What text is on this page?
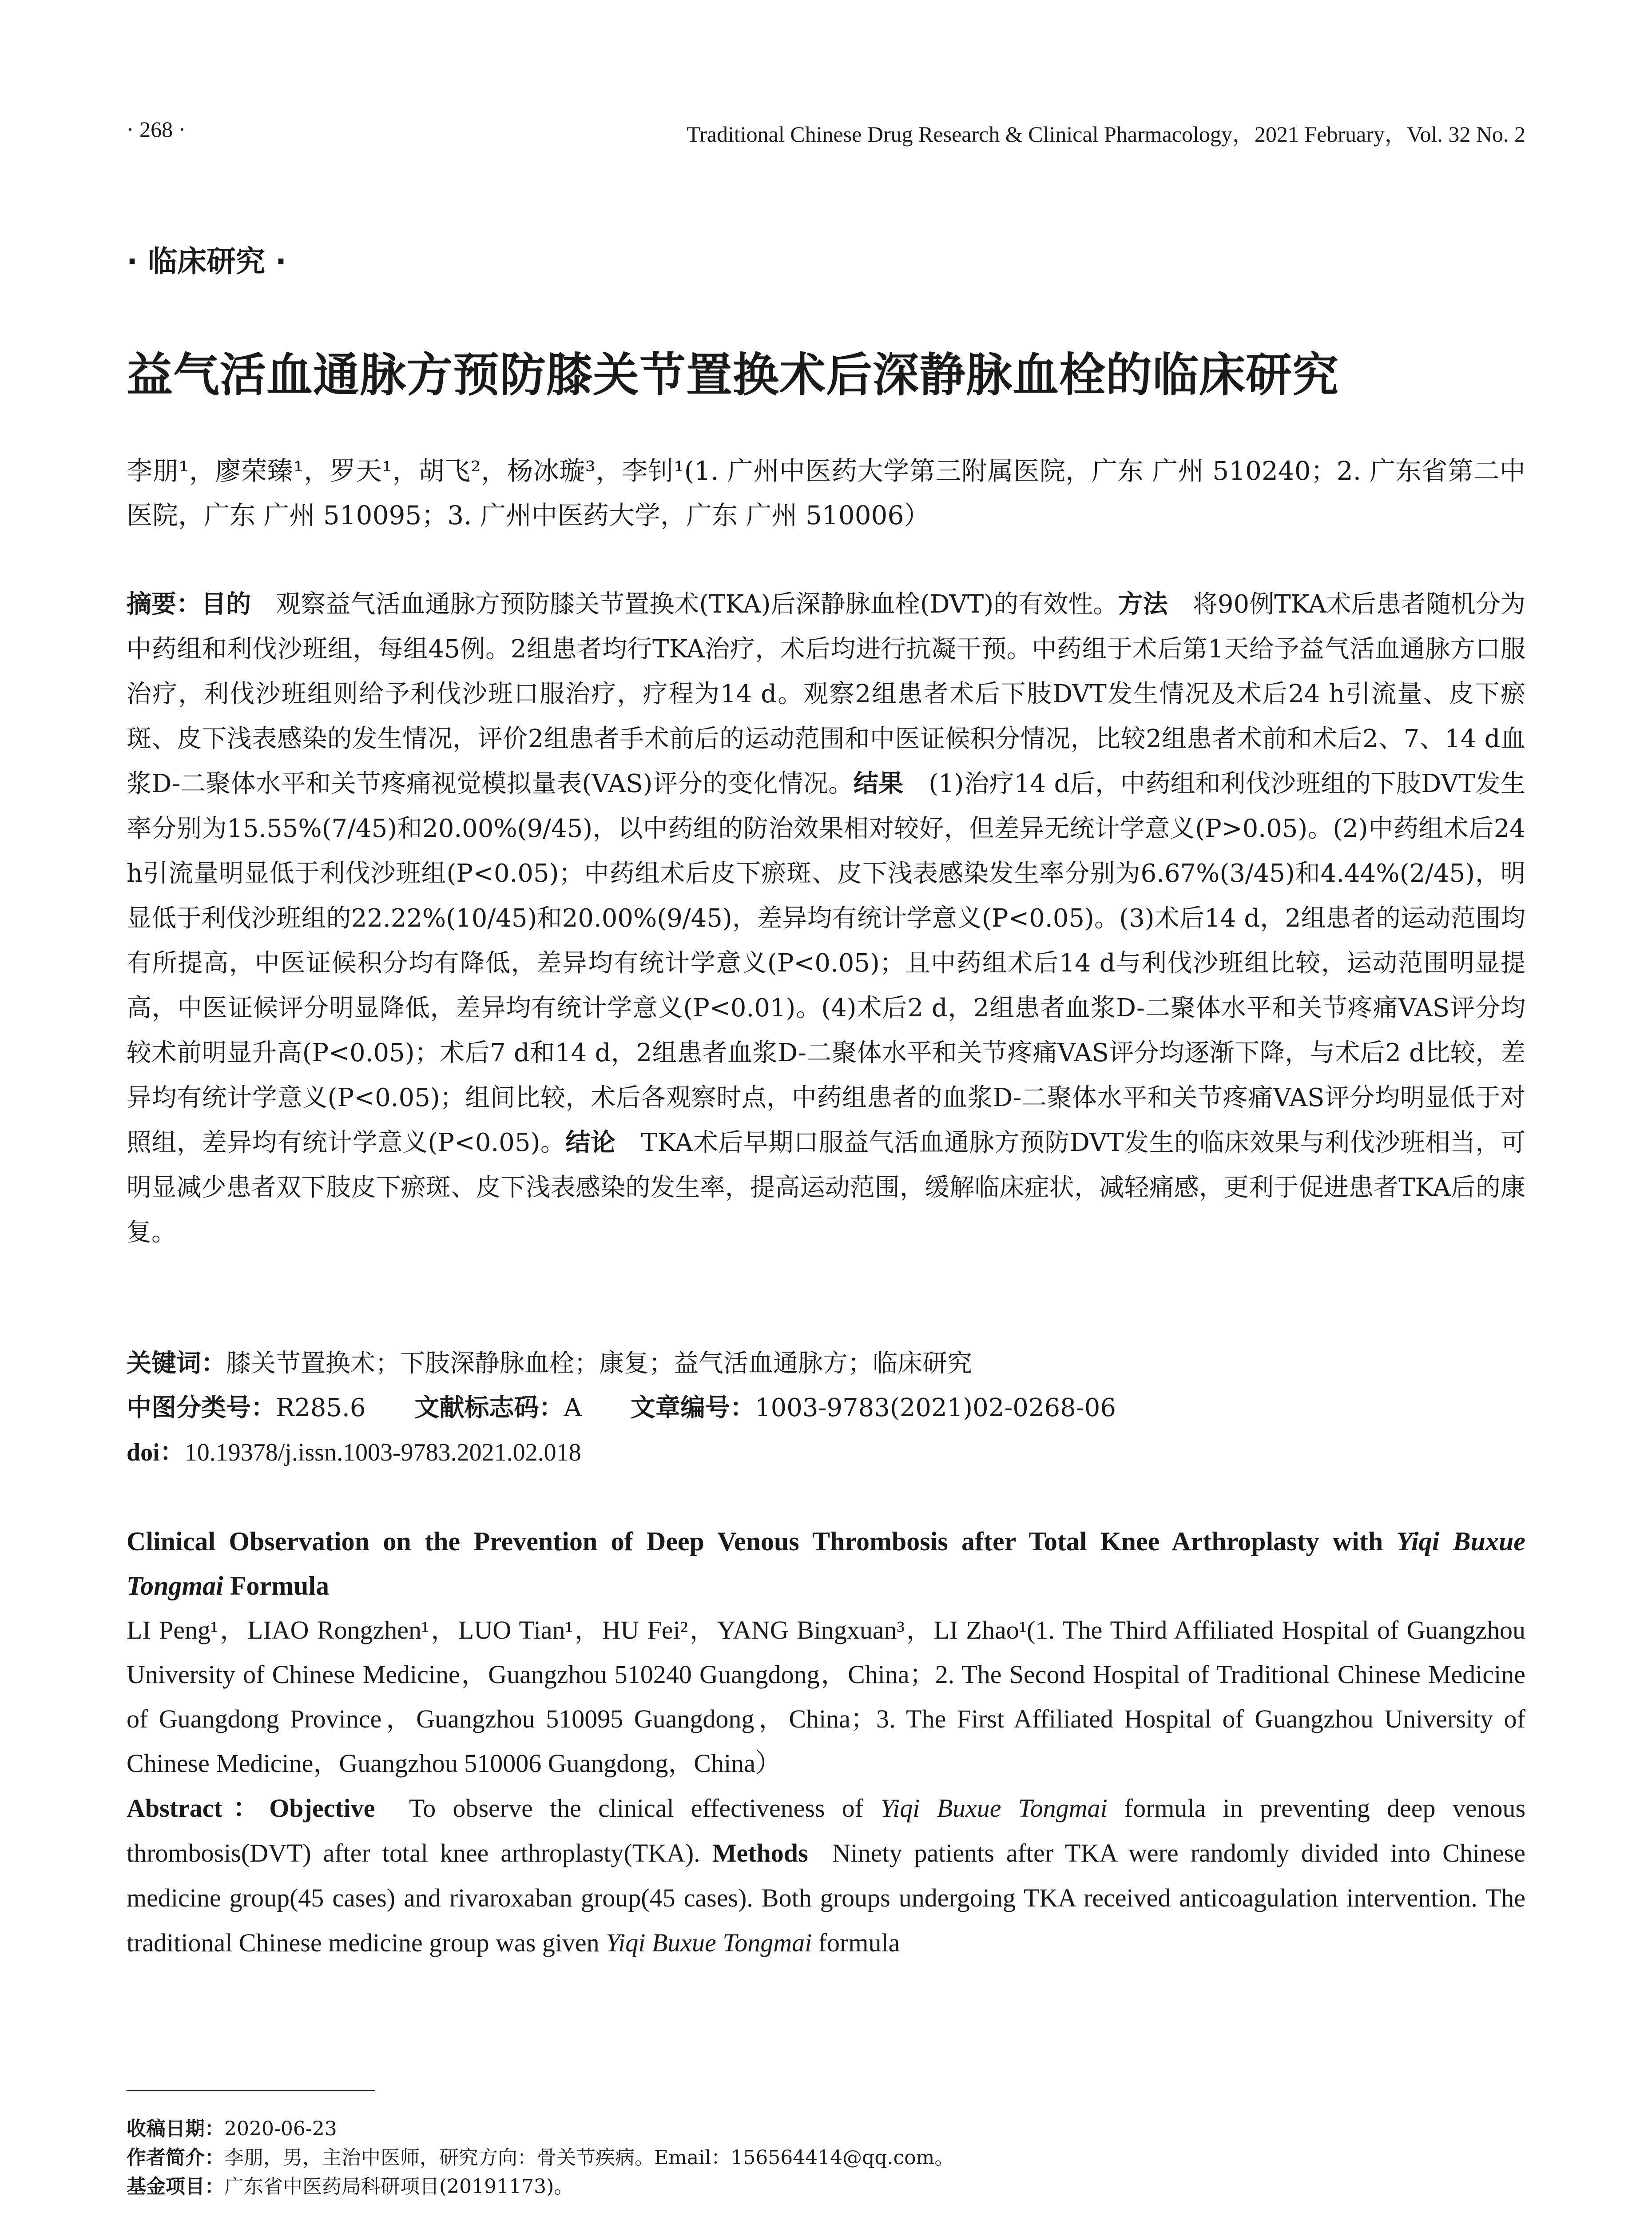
· 268 ·	Traditional Chinese Drug Research & Clinical Pharmacology，2021 February，Vol. 32 No. 2
· 临床研究 ·
益气活血通脉方预防膝关节置换术后深静脉血栓的临床研究
李朋¹，廖荣臻¹，罗天¹，胡飞²，杨冰璇³，李钊¹(1. 广州中医药大学第三附属医院，广东 广州 510240；2. 广东省第二中医院，广东 广州 510095；3. 广州中医药大学，广东 广州 510006）
摘要：目的　 观察益气活血通脉方预防膝关节置换术(TKA)后深静脉血栓(DVT)的有效性。方法　 将90例TKA术后患者随机分为中药组和利伐沙班组，每组45例。2组患者均行TKA治疗，术后均进行抗凝干预。中药组于术后第1天给予益气活血通脉方口服治疗，利伐沙班组则给予利伐沙班口服治疗，疗程为14 d。观察2组患者术后下肢DVT发生情况及术后24 h引流量、皮下瘀斑、皮下浅表感染的发生情况，评价2组患者手术前后的运动范围和中医证候积分情况，比较2组患者术前和术后2、7、14 d血浆D-二聚体水平和关节疼痛视觉模拟量表(VAS)评分的变化情况。结果　 (1)治疗14 d后，中药组和利伐沙班组的下肢DVT发生率分别为15.55%(7/45)和20.00%(9/45)，以中药组的防治效果相对较好，但差异无统计学意义(P>0.05)。(2)中药组术后24 h引流量明显低于利伐沙班组(P<0.05)；中药组术后皮下瘀斑、皮下浅表感染发生率分别为6.67%(3/45)和4.44%(2/45)，明显低于利伐沙班组的22.22%(10/45)和20.00%(9/45)，差异均有统计学意义(P<0.05)。(3)术后14 d，2组患者的运动范围均有所提高，中医证候积分均有降低，差异均有统计学意义(P<0.05)；且中药组术后14 d与利伐沙班组比较，运动范围明显提高，中医证候评分明显降低，差异均有统计学意义(P<0.01)。(4)术后2 d，2组患者血浆D-二聚体水平和关节疼痛VAS评分均较术前明显升高(P<0.05)；术后7 d和14 d，2组患者血浆D-二聚体水平和关节疼痛VAS评分均逐渐下降，与术后2 d比较，差异均有统计学意义(P<0.05)；组间比较，术后各观察时点，中药组患者的血浆D-二聚体水平和关节疼痛VAS评分均明显低于对照组，差异均有统计学意义(P<0.05)。结论　 TKA术后早期口服益气活血通脉方预防DVT发生的临床效果与利伐沙班相当，可明显减少患者双下肢皮下瘀斑、皮下浅表感染的发生率，提高运动范围，缓解临床症状，减轻痛感，更利于促进患者TKA后的康复。
关键词：膝关节置换术；下肢深静脉血栓；康复；益气活血通脉方；临床研究
中图分类号：R285.6 文献标志码：A 文章编号：1003-9783(2021)02-0268-06
doi：10.19378/j.issn.1003-9783.2021.02.018

Clinical Observation on the Prevention of Deep Venous Thrombosis after Total Knee Arthroplasty with Yiqi Buxue Tongmai Formula

LI Peng¹，LIAO Rongzhen¹，LUO Tian¹，HU Fei²，YANG Bingxuan³，LI Zhao¹(1. The Third Affiliated Hospital of Guangzhou University of Chinese Medicine，Guangzhou 510240 Guangdong，China；2. The Second Hospital of Traditional Chinese Medicine of Guangdong Province，Guangzhou 510095 Guangdong，China；3. The First Affiliated Hospital of Guangzhou University of Chinese Medicine，Guangzhou 510006 Guangdong，China）

Abstract：Objective To observe the clinical effectiveness of Yiqi Buxue Tongmai formula in preventing deep venous thrombosis(DVT) after total knee arthroplasty(TKA). Methods Ninety patients after TKA were randomly divided into Chinese medicine group(45 cases) and rivaroxaban group(45 cases). Both groups undergoing TKA received anticoagulation intervention. The traditional Chinese medicine group was given Yiqi Buxue Tongmai formula

收稿日期：2020-06-23
作者简介：李朋，男，主治中医师，研究方向：骨关节疾病。Email：156564414@qq.com。
基金项目：广东省中医药局科研项目(20191173)。
